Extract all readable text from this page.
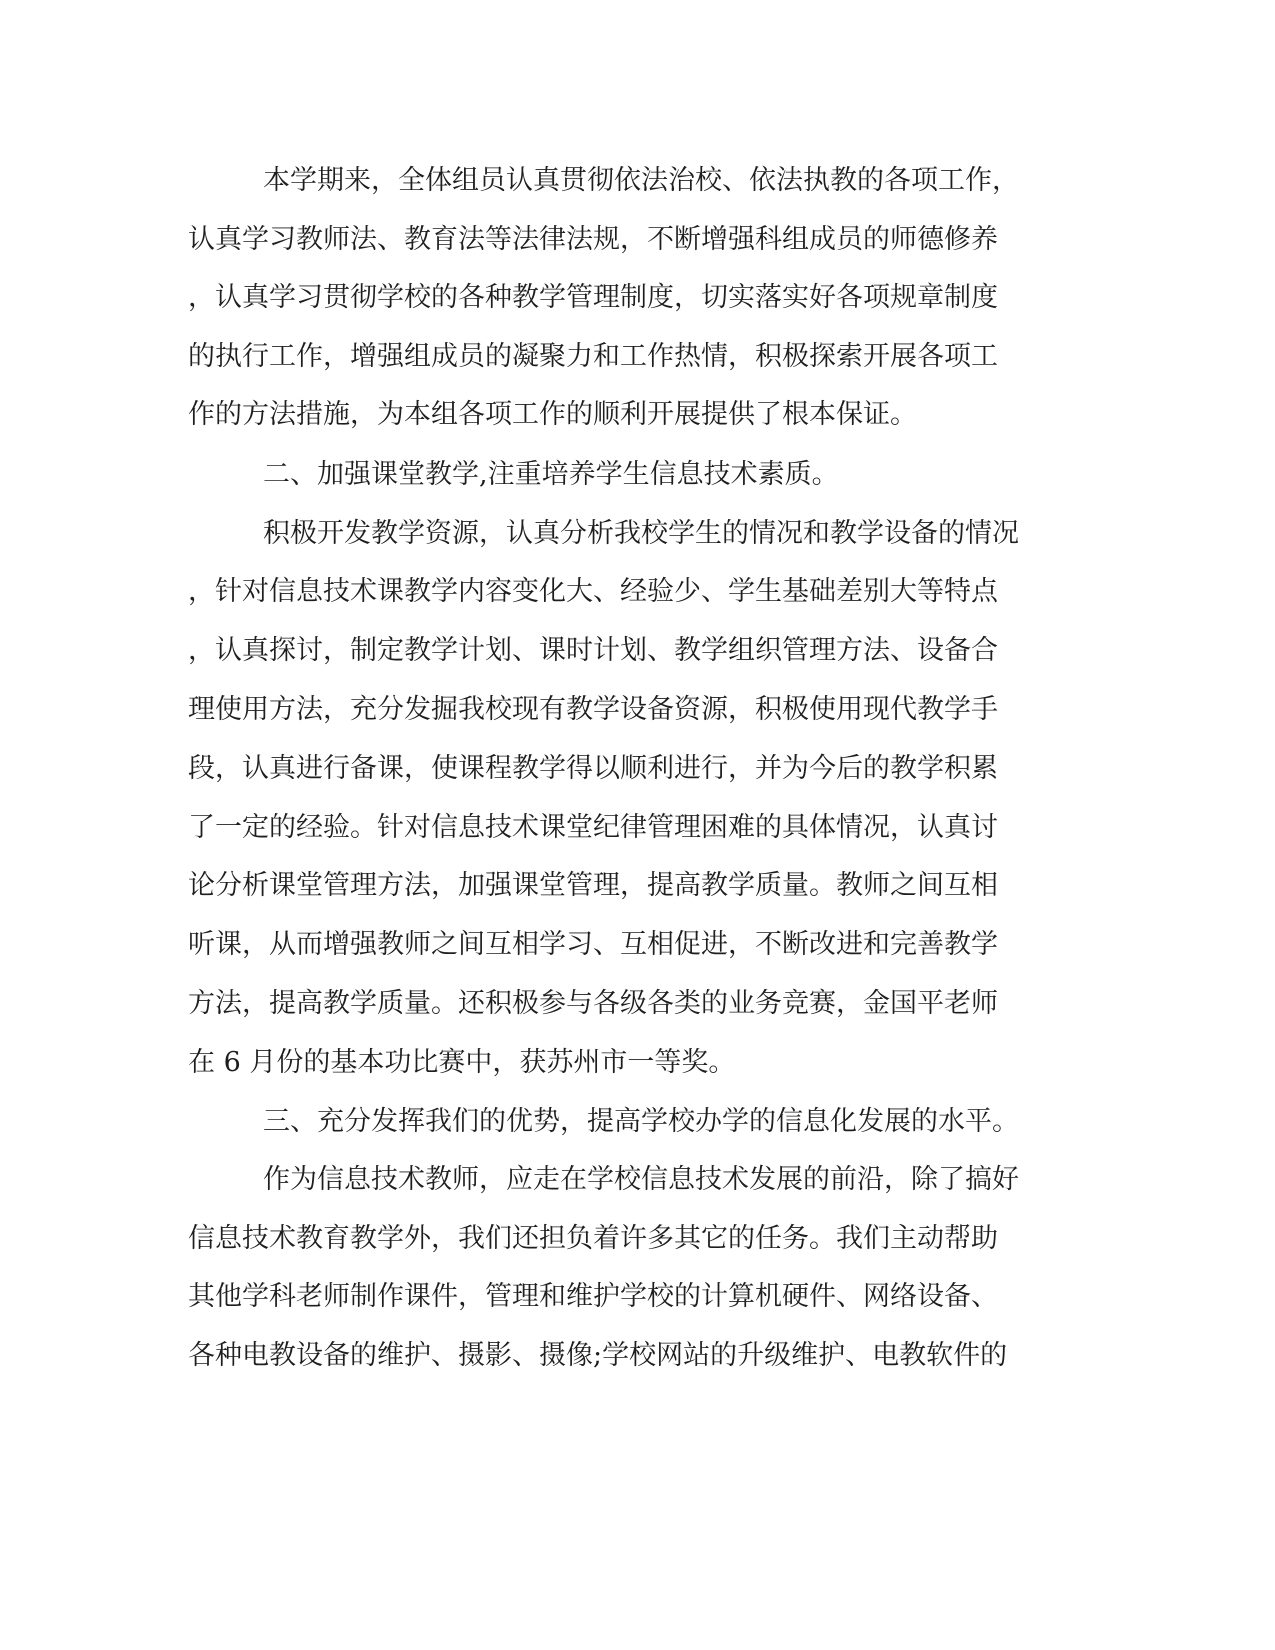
本学期来，全体组员认真贯彻依法治校、依法执教的各项工作，
认真学习教师法、教育法等法律法规，不断增强科组成员的师德修养
，认真学习贯彻学校的各种教学管理制度，切实落实好各项规章制度
的执行工作，增强组成员的凝聚力和工作热情，积极探索开展各项工
作的方法措施，为本组各项工作的顺利开展提供了根本保证。
二、加强课堂教学,注重培养学生信息技术素质。
积极开发教学资源，认真分析我校学生的情况和教学设备的情况
，针对信息技术课教学内容变化大、经验少、学生基础差别大等特点
，认真探讨，制定教学计划、课时计划、教学组织管理方法、设备合
理使用方法，充分发掘我校现有教学设备资源，积极使用现代教学手
段，认真进行备课，使课程教学得以顺利进行，并为今后的教学积累
了一定的经验。针对信息技术课堂纪律管理困难的具体情况，认真讨
论分析课堂管理方法，加强课堂管理，提高教学质量。教师之间互相
听课，从而增强教师之间互相学习、互相促进，不断改进和完善教学
方法，提高教学质量。还积极参与各级各类的业务竞赛，金国平老师
在 6 月份的基本功比赛中，获苏州市一等奖。
三、充分发挥我们的优势，提高学校办学的信息化发展的水平。
作为信息技术教师，应走在学校信息技术发展的前沿，除了搞好
信息技术教育教学外，我们还担负着许多其它的任务。我们主动帮助
其他学科老师制作课件，管理和维护学校的计算机硬件、网络设备、
各种电教设备的维护、摄影、摄像;学校网站的升级维护、电教软件的
